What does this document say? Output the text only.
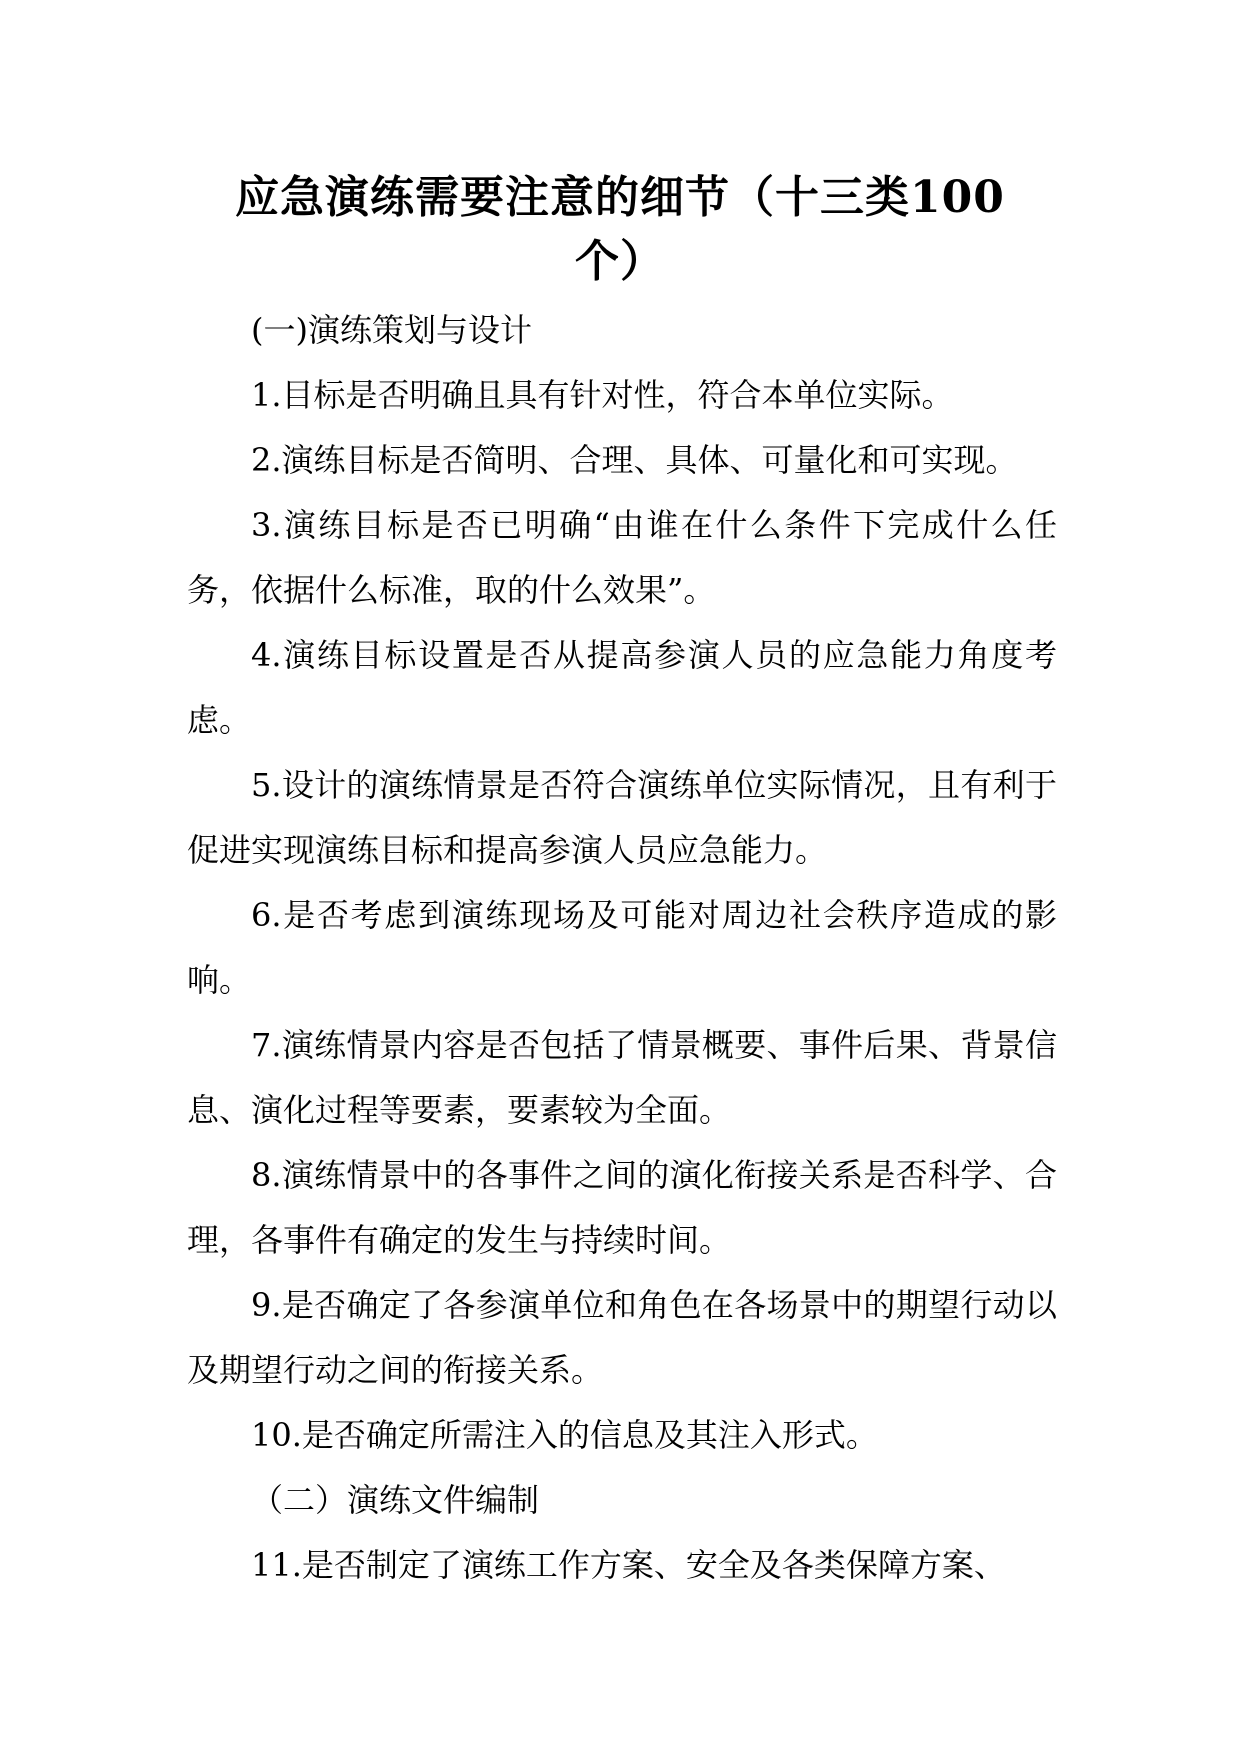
应急演练需要注意的细节（十三类100个）

(一)演练策划与设计

1.目标是否明确且具有针对性，符合本单位实际。

2.演练目标是否简明、合理、具体、可量化和可实现。

3.演练目标是否已明确“由谁在什么条件下完成什么任务，依据什么标准，取的什么效果”。

4.演练目标设置是否从提高参演人员的应急能力角度考虑。

5.设计的演练情景是否符合演练单位实际情况，且有利于促进实现演练目标和提高参演人员应急能力。

6.是否考虑到演练现场及可能对周边社会秩序造成的影响。

7.演练情景内容是否包括了情景概要、事件后果、背景信息、演化过程等要素，要素较为全面。

8.演练情景中的各事件之间的演化衔接关系是否科学、合理，各事件有确定的发生与持续时间。

9.是否确定了各参演单位和角色在各场景中的期望行动以及期望行动之间的衔接关系。

10.是否确定所需注入的信息及其注入形式。

（二）演练文件编制

11.是否制定了演练工作方案、安全及各类保障方案、
